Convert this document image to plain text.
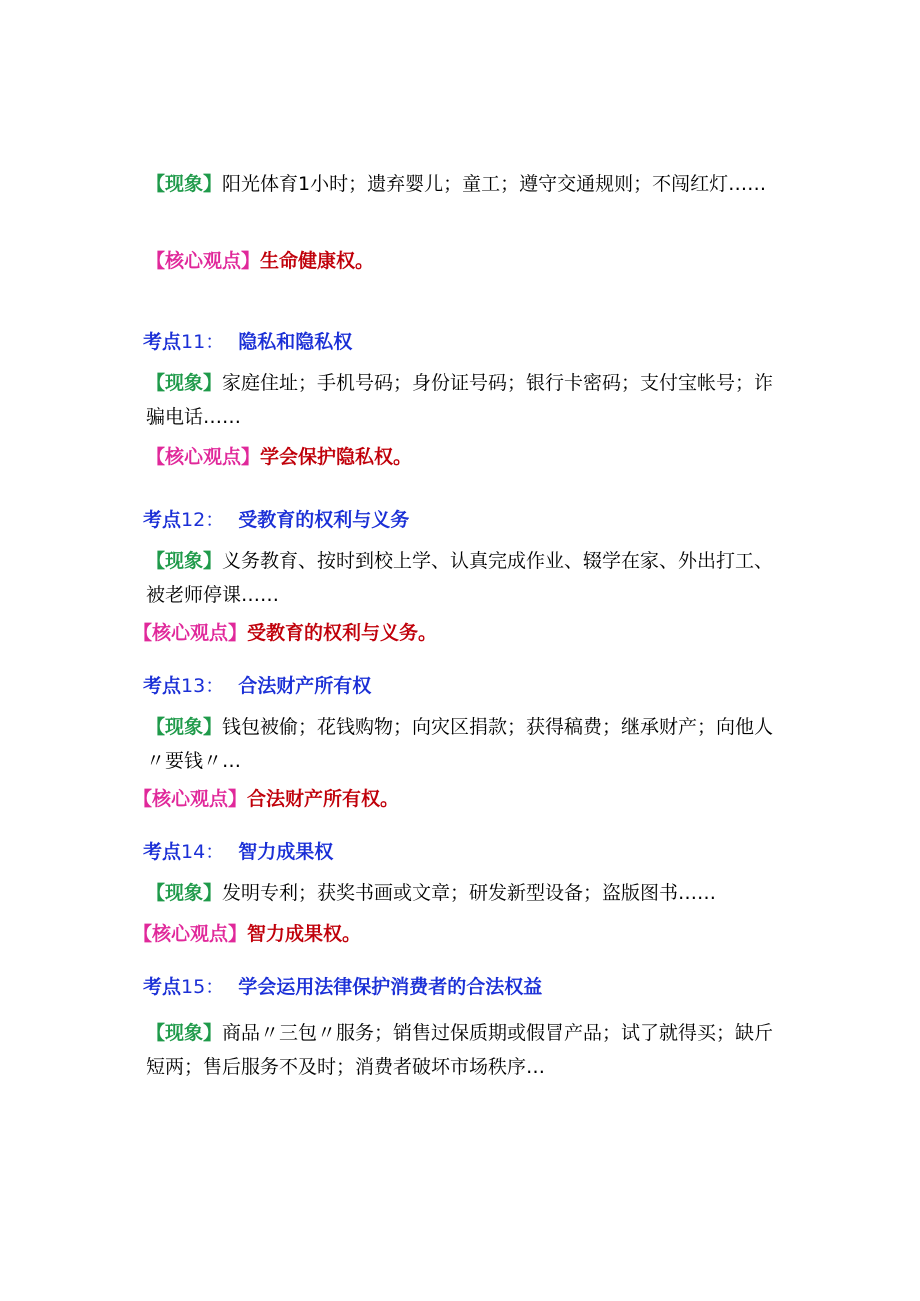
【现象】阳光体育1小时；遗弃婴儿；童工；遵守交通规则；不闯红灯……
【核心观点】生命健康权。
考点11： 隐私和隐私权
【现象】家庭住址；手机号码；身份证号码；银行卡密码；支付宝帐号；诈骗电话……
【核心观点】学会保护隐私权。
考点12： 受教育的权利与义务
【现象】义务教育、按时到校上学、认真完成作业、辍学在家、外出打工、被老师停课……
【核心观点】受教育的权利与义务。
考点13： 合法财产所有权
【现象】钱包被偷；花钱购物；向灾区捐款；获得稿费；继承财产；向他人〃要钱〃…
【核心观点】合法财产所有权。
考点14： 智力成果权
【现象】发明专利；获奖书画或文章；研发新型设备；盗版图书……
【核心观点】智力成果权。
考点15： 学会运用法律保护消费者的合法权益
【现象】商品〃三包〃服务；销售过保质期或假冒产品；试了就得买；缺斤短两；售后服务不及时；消费者破坏市场秩序…
